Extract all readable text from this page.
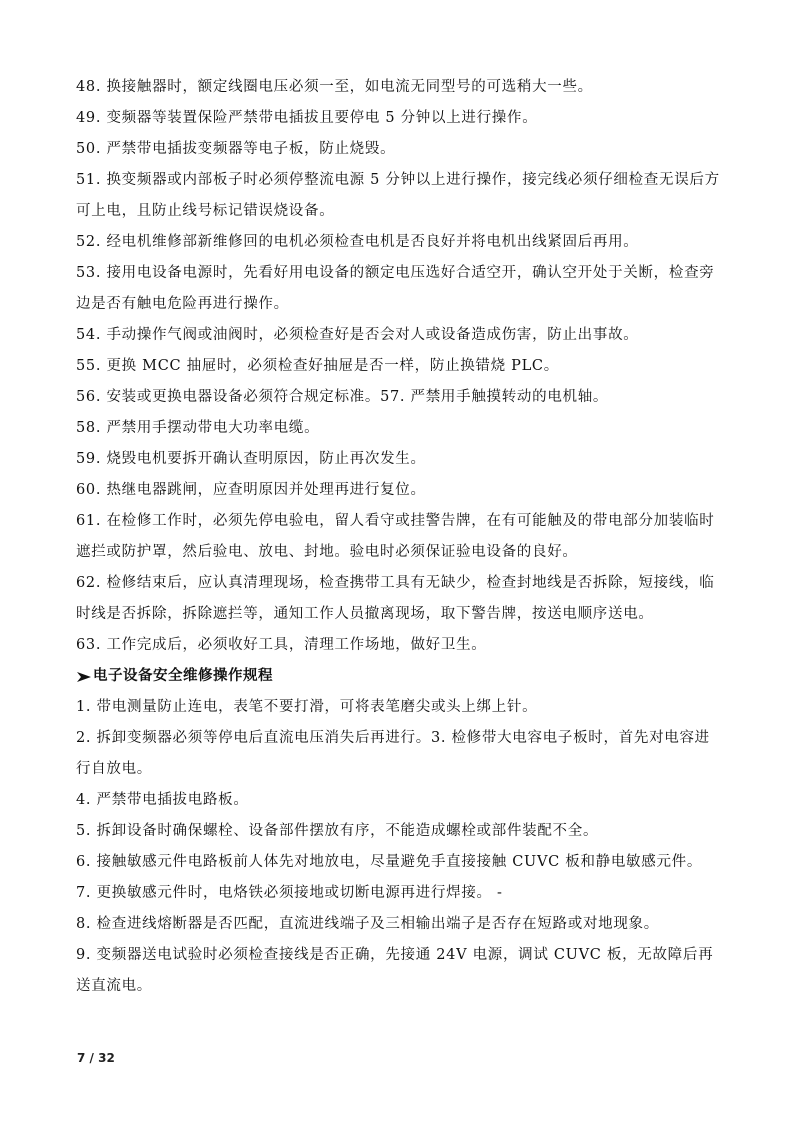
48. 换接触器时，额定线圈电压必须一至，如电流无同型号的可选稍大一些。

49. 变频器等装置保险严禁带电插拔且要停电 5 分钟以上进行操作。

50. 严禁带电插拔变频器等电子板，防止烧毁。

51. 换变频器或内部板子时必须停整流电源 5 分钟以上进行操作，接完线必须仔细检查无误后方可上电，且防止线号标记错误烧设备。

52. 经电机维修部新维修回的电机必须检查电机是否良好并将电机出线紧固后再用。

53. 接用电设备电源时，先看好用电设备的额定电压选好合适空开，确认空开处于关断，检查旁边是否有触电危险再进行操作。

54. 手动操作气阀或油阀时，必须检查好是否会对人或设备造成伤害，防止出事故。

55. 更换 MCC 抽屉时，必须检查好抽屉是否一样，防止换错烧 PLC。

56. 安装或更换电器设备必须符合规定标准。57. 严禁用手触摸转动的电机轴。

58. 严禁用手摆动带电大功率电缆。

59. 烧毁电机要拆开确认查明原因，防止再次发生。

60. 热继电器跳闸，应查明原因并处理再进行复位。

61. 在检修工作时，必须先停电验电，留人看守或挂警告牌，在有可能触及的带电部分加装临时遮拦或防护罩，然后验电、放电、封地。验电时必须保证验电设备的良好。

62. 检修结束后，应认真清理现场，检查携带工具有无缺少，检查封地线是否拆除，短接线，临时线是否拆除，拆除遮拦等，通知工作人员撤离现场，取下警告牌，按送电顺序送电。

63. 工作完成后，必须收好工具，清理工作场地，做好卫生。

电子设备安全维修操作规程

1. 带电测量防止连电，表笔不要打滑，可将表笔磨尖或头上绑上针。

2. 拆卸变频器必须等停电后直流电压消失后再进行。3. 检修带大电容电子板时，首先对电容进行自放电。

4. 严禁带电插拔电路板。

5. 拆卸设备时确保螺栓、设备部件摆放有序，不能造成螺栓或部件装配不全。

6. 接触敏感元件电路板前人体先对地放电，尽量避免手直接接触 CUVC 板和静电敏感元件。

7. 更换敏感元件时，电烙铁必须接地或切断电源再进行焊接。 -

8. 检查进线熔断器是否匹配，直流进线端子及三相输出端子是否存在短路或对地现象。

9. 变频器送电试验时必须检查接线是否正确，先接通 24V 电源，调试 CUVC 板，无故障后再送直流电。

7 / 32
